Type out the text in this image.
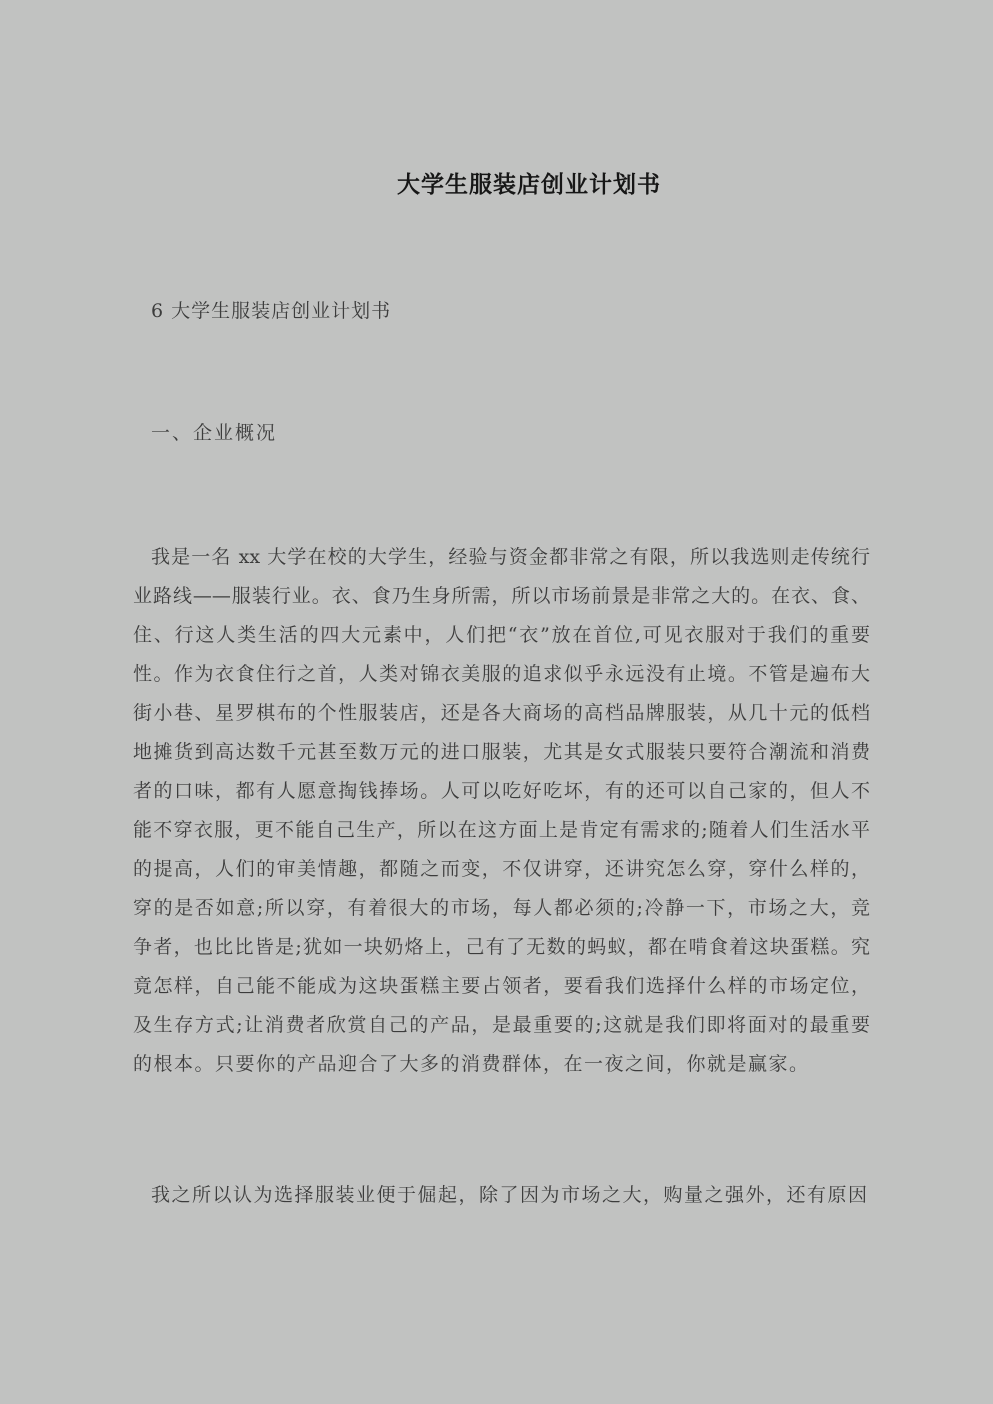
大学生服装店创业计划书
6 大学生服装店创业计划书
一、企业概况
我是一名 xx 大学在校的大学生，经验与资金都非常之有限，所以我选则走传统行
业路线——服装行业。衣、食乃生身所需，所以市场前景是非常之大的。在衣、食、
住、行这人类生活的四大元素中，人们把“衣”放在首位,可见衣服对于我们的重要
性。作为衣食住行之首，人类对锦衣美服的追求似乎永远没有止境。不管是遍布大
街小巷、星罗棋布的个性服装店，还是各大商场的高档品牌服装，从几十元的低档
地摊货到高达数千元甚至数万元的进口服装，尤其是女式服装只要符合潮流和消费
者的口味，都有人愿意掏钱捧场。人可以吃好吃坏，有的还可以自己家的，但人不
能不穿衣服，更不能自己生产，所以在这方面上是肯定有需求的;随着人们生活水平
的提高，人们的审美情趣，都随之而变，不仅讲穿，还讲究怎么穿，穿什么样的，
穿的是否如意;所以穿，有着很大的市场，每人都必须的;冷静一下，市场之大，竞
争者，也比比皆是;犹如一块奶烙上，己有了无数的蚂蚁，都在啃食着这块蛋糕。究
竟怎样，自己能不能成为这块蛋糕主要占领者，要看我们选择什么样的市场定位，
及生存方式;让消费者欣赏自己的产品，是最重要的;这就是我们即将面对的最重要
的根本。只要你的产品迎合了大多的消费群体，在一夜之间，你就是赢家。
我之所以认为选择服装业便于倔起，除了因为市场之大，购量之强外，还有原因
